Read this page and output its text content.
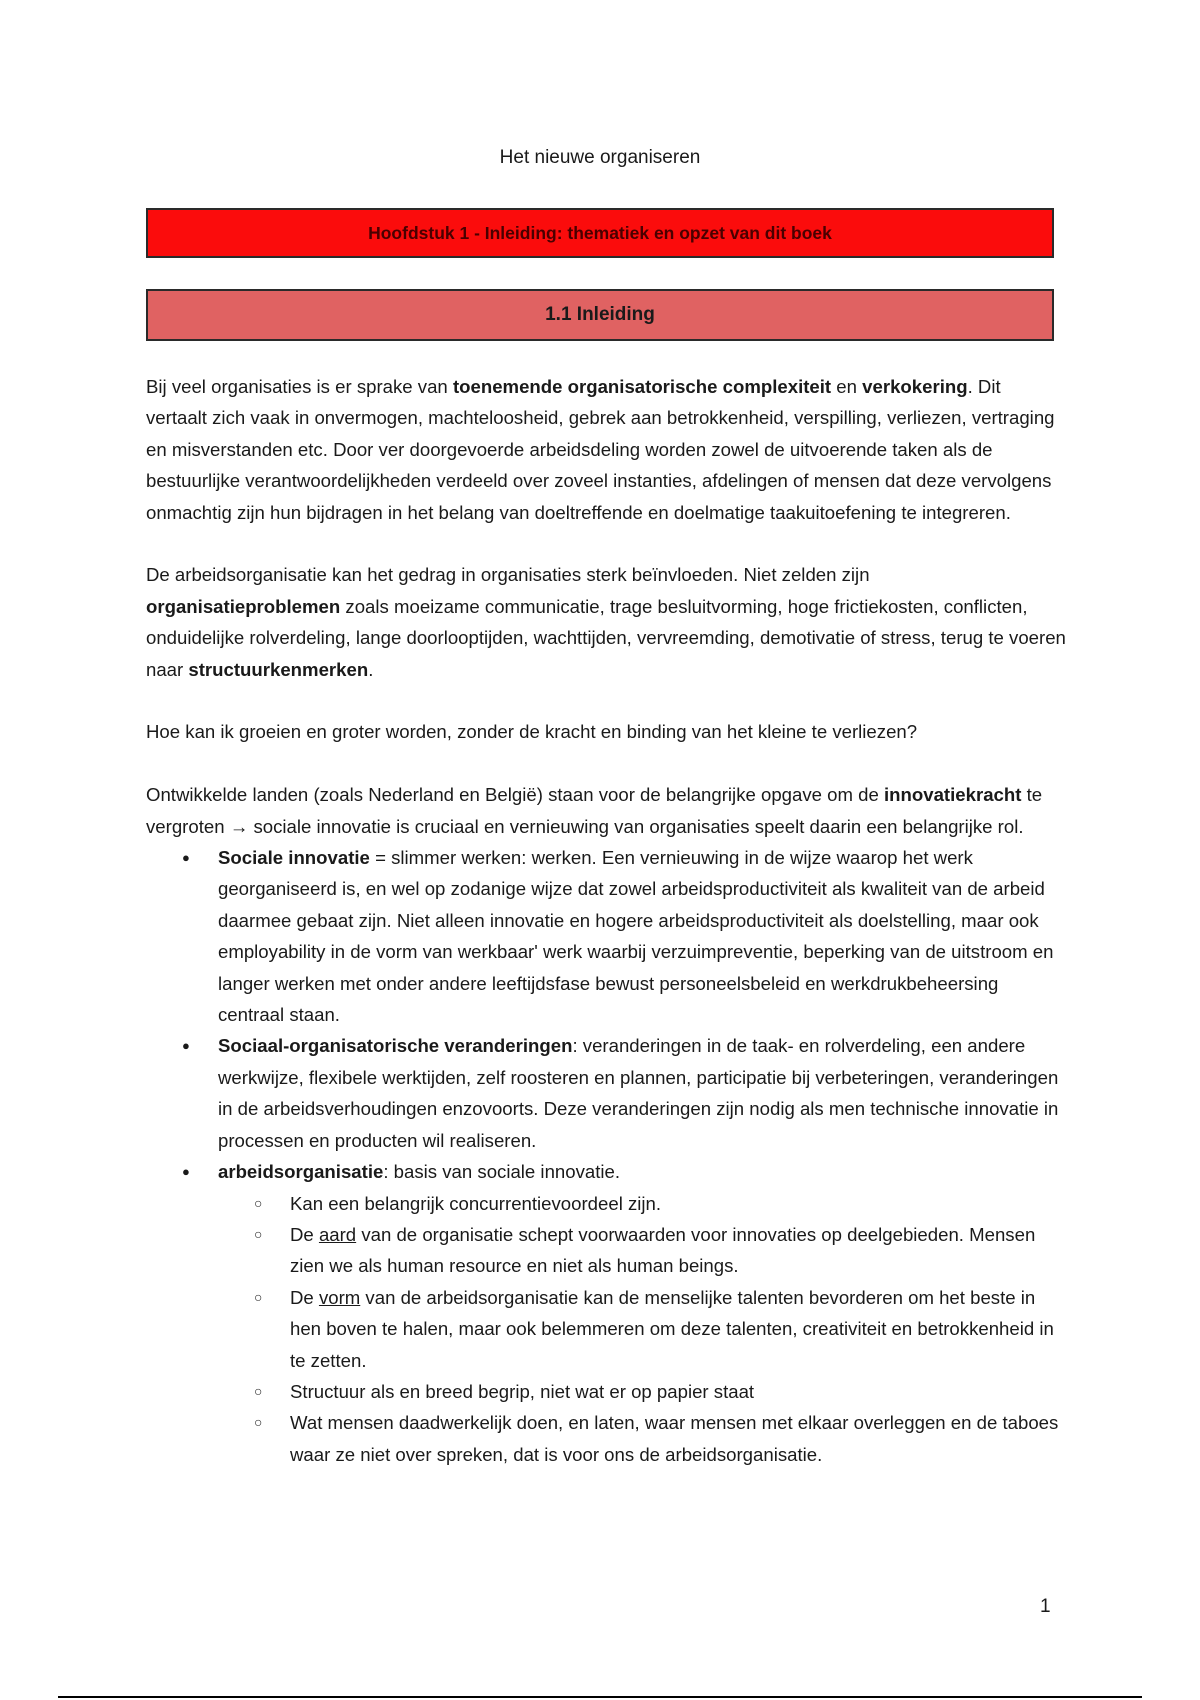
Het nieuwe organiseren
Hoofdstuk 1 - Inleiding: thematiek en opzet van dit boek
1.1 Inleiding

Bij veel organisaties is er sprake van toenemende organisatorische complexiteit en verkokering. Dit vertaalt zich vaak in onvermogen, machteloosheid, gebrek aan betrokkenheid, verspilling, verliezen, vertraging en misverstanden etc. Door ver doorgevoerde arbeidsdeling worden zowel de uitvoerende taken als de bestuurlijke verantwoordelijkheden verdeeld over zoveel instanties, afdelingen of mensen dat deze vervolgens onmachtig zijn hun bijdragen in het belang van doeltreffende en doelmatige taakuitoefening te integreren.

De arbeidsorganisatie kan het gedrag in organisaties sterk beïnvloeden. Niet zelden zijn organisatieproblemen zoals moeizame communicatie, trage besluitvorming, hoge frictiekosten, conflicten, onduidelijke rolverdeling, lange doorlooptijden, wachttijden, vervreemding, demotivatie of stress, terug te voeren naar structuurkenmerken.

Hoe kan ik groeien en groter worden, zonder de kracht en binding van het kleine te verliezen?

Ontwikkelde landen (zoals Nederland en België) staan voor de belangrijke opgave om de innovatiekracht te vergroten → sociale innovatie is cruciaal en vernieuwing van organisaties speelt daarin een belangrijke rol.

● Sociale innovatie = slimmer werken: werken. Een vernieuwing in de wijze waarop het werk georganiseerd is, en wel op zodanige wijze dat zowel arbeidsproductiviteit als kwaliteit van de arbeid daarmee gebaat zijn. Niet alleen innovatie en hogere arbeidsproductiviteit als doelstelling, maar ook employability in de vorm van werkbaar' werk waarbij verzuimpreventie, beperking van de uitstroom en langer werken met onder andere leeftijdsfase bewust personeelsbeleid en werkdrukbeheersing centraal staan.
● Sociaal-organisatorische veranderingen: veranderingen in de taak- en rolverdeling, een andere werkwijze, flexibele werktijden, zelf roosteren en plannen, participatie bij verbeteringen, veranderingen in de arbeidsverhoudingen enzovoorts. Deze veranderingen zijn nodig als men technische innovatie in processen en producten wil realiseren.
● arbeidsorganisatie: basis van sociale innovatie.
○ Kan een belangrijk concurrentievoordeel zijn.
○ De aard van de organisatie schept voorwaarden voor innovaties op deelgebieden. Mensen zien we als human resource en niet als human beings.
○ De vorm van de arbeidsorganisatie kan de menselijke talenten bevorderen om het beste in hen boven te halen, maar ook belemmeren om deze talenten, creativiteit en betrokkenheid in te zetten.
○ Structuur als en breed begrip, niet wat er op papier staat
○ Wat mensen daadwerkelijk doen, en laten, waar mensen met elkaar overleggen en de taboes waar ze niet over spreken, dat is voor ons de arbeidsorganisatie.
1
